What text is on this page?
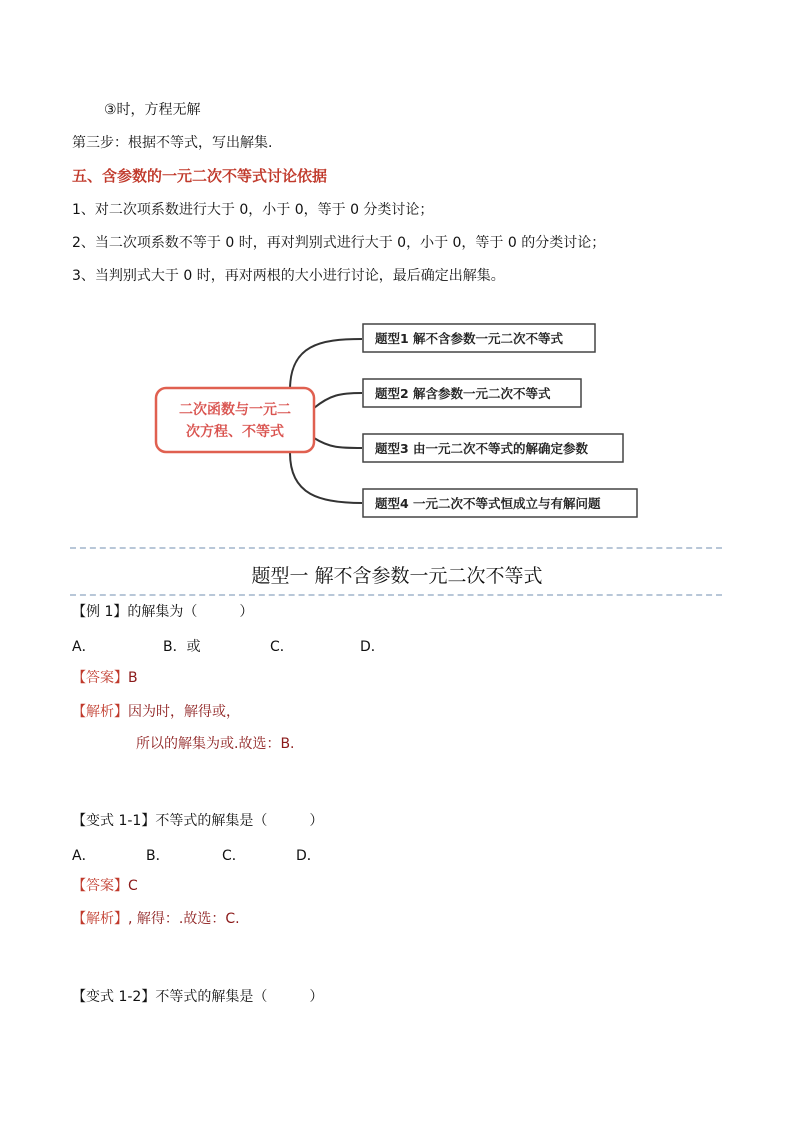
③时，方程无解
第三步：根据不等式，写出解集.
五、含参数的一元二次不等式讨论依据
1、对二次项系数进行大于 0，小于 0，等于 0 分类讨论；
2、当二次项系数不等于 0 时，再对判别式进行大于 0，小于 0，等于 0 的分类讨论；
3、当判别式大于 0 时，再对两根的大小进行讨论，最后确定出解集。
二次函数与一元二
次方程、不等式
题型1 解不含参数一元二次不等式
题型2 解含参数一元二次不等式
题型3 由一元二次不等式的解确定参数
题型4 一元二次不等式恒成立与有解问题
题型一 解不含参数一元二次不等式
【例 1】的解集为（　　　）
A．	B．或	C．	D．
【答案】B
【解析】因为时，解得或，
所以的解集为或.故选：B.
【变式 1-1】不等式的解集是（　　　）
A．	B．	C．	D．
【答案】C
【解析】, 解得：.故选：C.
【变式 1-2】不等式的解集是（　　　）
